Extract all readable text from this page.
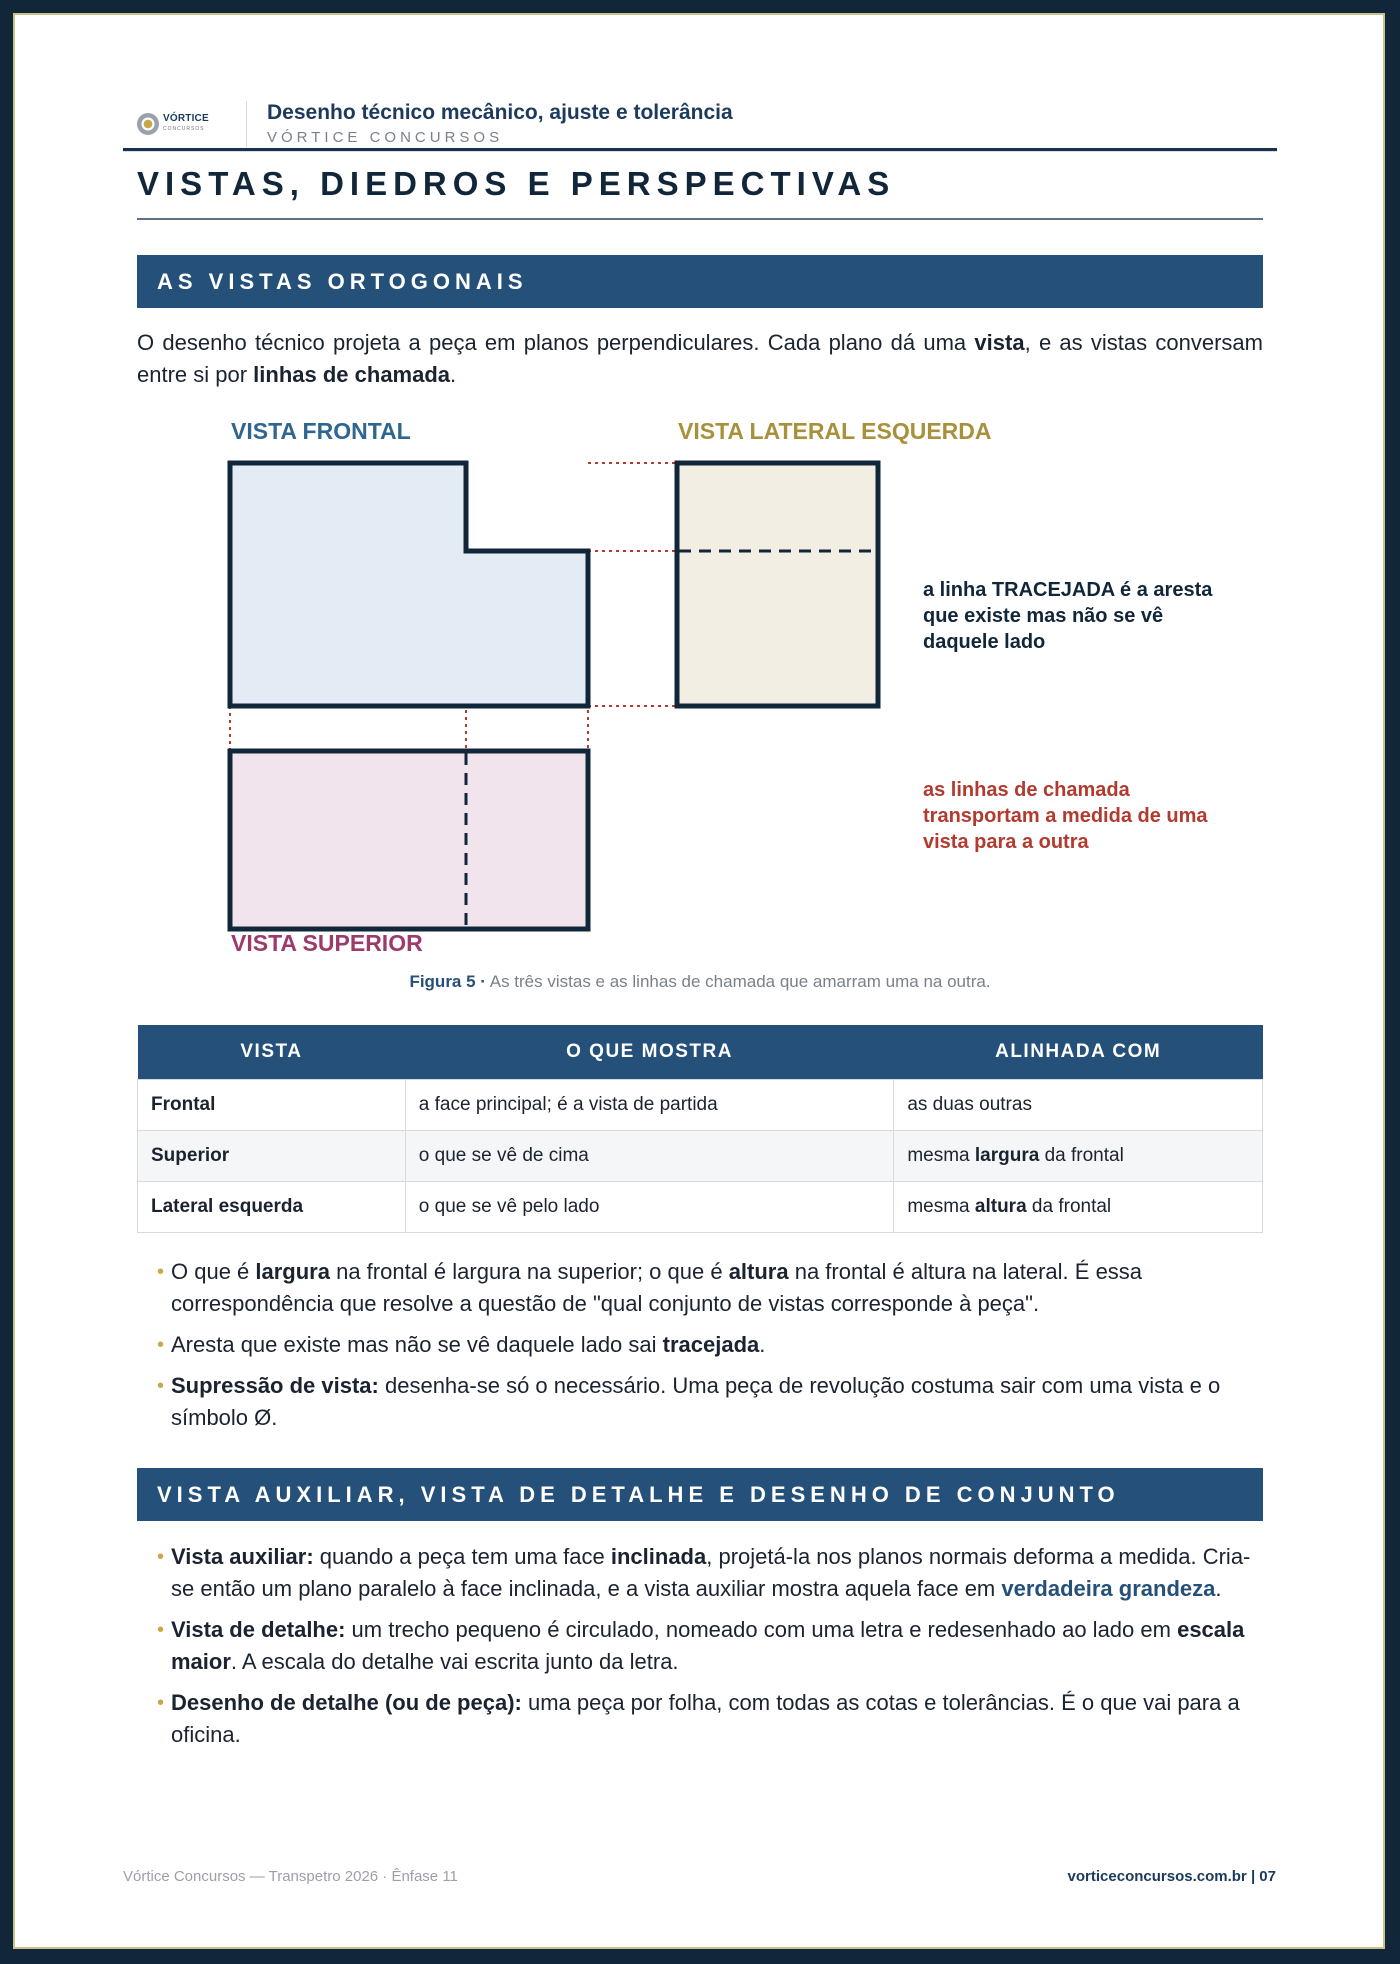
VÓRTICE
CONCURSOS
Desenho técnico mecânico, ajuste e tolerância
VÓRTICE CONCURSOS
VISTAS, DIEDROS E PERSPECTIVAS
AS VISTAS ORTOGONAIS
O desenho técnico projeta a peça em planos perpendiculares. Cada plano dá uma vista, e as vistas conversam entre si por linhas de chamada.
VISTA FRONTAL	VISTA LATERAL ESQUERDA
VISTA SUPERIOR
a linha TRACEJADA é a aresta que existe mas não se vê daquele lado
as linhas de chamada transportam a medida de uma vista para a outra
Figura 5 · As três vistas e as linhas de chamada que amarram uma na outra.
VISTA	O QUE MOSTRA	ALINHADA COM
Frontal	a face principal; é a vista de partida	as duas outras
Superior	o que se vê de cima	mesma largura da frontal
Lateral esquerda	o que se vê pelo lado	mesma altura da frontal
• O que é largura na frontal é largura na superior; o que é altura na frontal é altura na lateral. É essa correspondência que resolve a questão de "qual conjunto de vistas corresponde à peça".
• Aresta que existe mas não se vê daquele lado sai tracejada.
• Supressão de vista: desenha-se só o necessário. Uma peça de revolução costuma sair com uma vista e o símbolo Ø.
VISTA AUXILIAR, VISTA DE DETALHE E DESENHO DE CONJUNTO
• Vista auxiliar: quando a peça tem uma face inclinada, projetá-la nos planos normais deforma a medida. Cria-se então um plano paralelo à face inclinada, e a vista auxiliar mostra aquela face em verdadeira grandeza.
• Vista de detalhe: um trecho pequeno é circulado, nomeado com uma letra e redesenhado ao lado em escala maior. A escala do detalhe vai escrita junto da letra.
• Desenho de detalhe (ou de peça): uma peça por folha, com todas as cotas e tolerâncias. É o que vai para a oficina.
Vórtice Concursos — Transpetro 2026 · Ênfase 11	vorticeconcursos.com.br | 07
